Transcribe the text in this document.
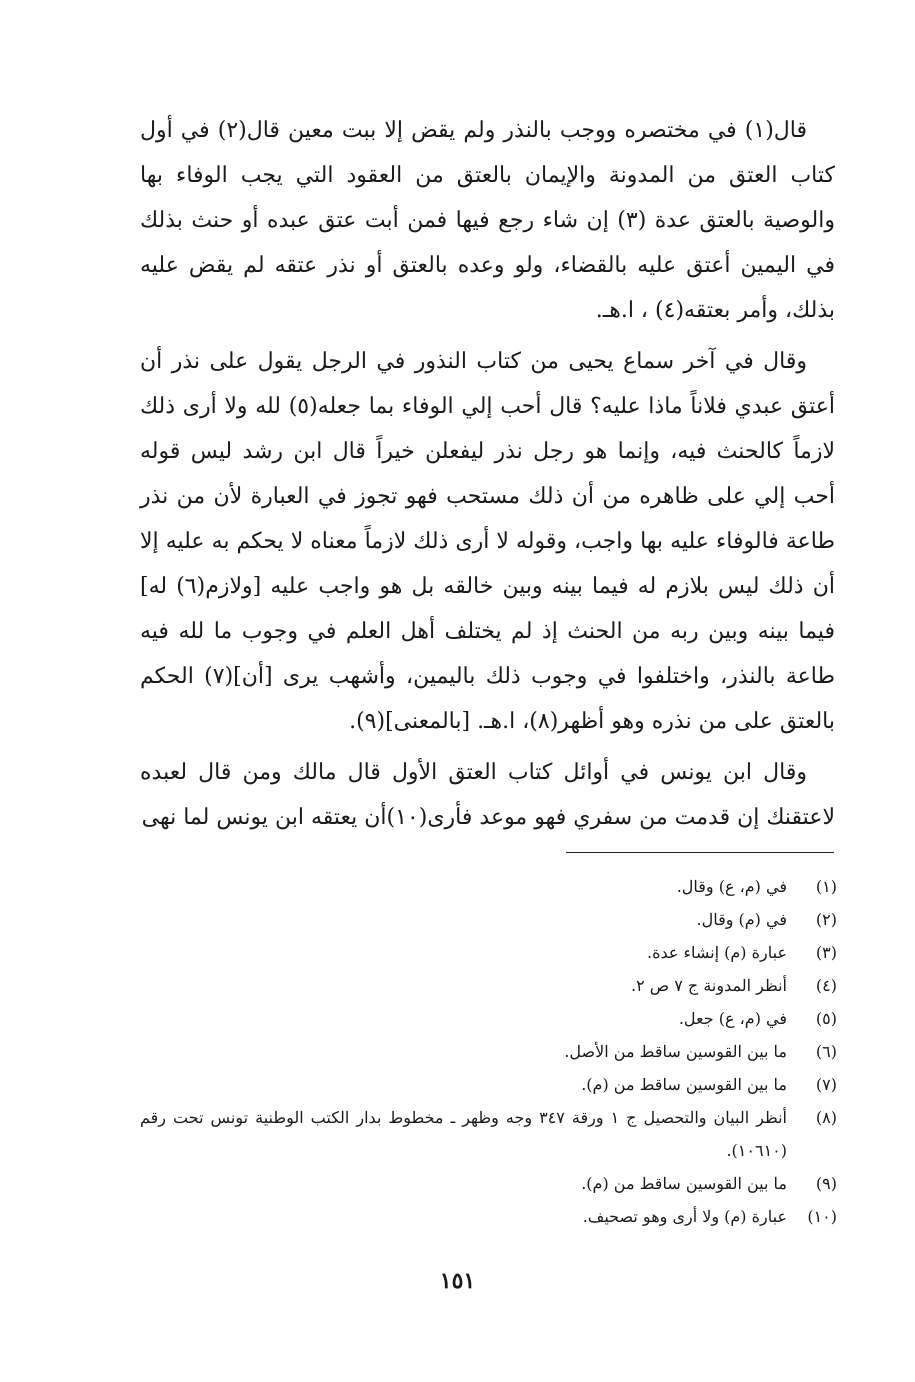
قال(١) في مختصره ووجب بالنذر ولم يقض إلا ببت معين قال(٢) في أول كتاب العتق من المدونة والإيمان بالعتق من العقود التي يجب الوفاء بها والوصية بالعتق عدة (٣) إن شاء رجع فيها فمن أبت عتق عبده أو حنث بذلك في اليمين أعتق عليه بالقضاء، ولو وعده بالعتق أو نذر عتقه لم يقض عليه بذلك، وأمر بعتقه(٤) ، ا.هـ.

وقال في آخر سماع يحيى من كتاب النذور في الرجل يقول على نذر أن أعتق عبدي فلاناً ماذا عليه؟ قال أحب إلي الوفاء بما جعله(٥) لله ولا أرى ذلك لازماً كالحنث فيه، وإنما هو رجل نذر ليفعلن خيراً قال ابن رشد ليس قوله أحب إلي على ظاهره من أن ذلك مستحب فهو تجوز في العبارة لأن من نذر طاعة فالوفاء عليه بها واجب، وقوله لا أرى ذلك لازماً معناه لا يحكم به عليه إلا أن ذلك ليس بلازم له فيما بينه وبين خالقه بل هو واجب عليه [ولازم(٦) له] فيما بينه وبين ربه من الحنث إذ لم يختلف أهل العلم في وجوب ما لله فيه طاعة بالنذر، واختلفوا في وجوب ذلك باليمين، وأشهب يرى [أن](٧) الحكم بالعتق على من نذره وهو أظهر(٨)، ا.هـ. [بالمعنى](٩).

وقال ابن يونس في أوائل كتاب العتق الأول قال مالك ومن قال لعبده لاعتقنك إن قدمت من سفري فهو موعد فأرى(١٠)أن يعتقه ابن يونس لما نهى

(١)
في (م، ع) وقال.
(٢)
في (م) وقال.
(٣)
عبارة (م) إنشاء عدة.
(٤)
أنظر المدونة ج ٧ ص ٢.
(٥)
في (م، ع) جعل.
(٦)
ما بين القوسين ساقط من الأصل.
(٧)
ما بين القوسين ساقط من (م).
(٨)
أنظر البيان والتحصيل ج ١ ورقة ٣٤٧ وجه وظهر ـ مخطوط بدار الكتب الوطنية تونس تحت رقم (١٠٦١٠).
(٩)
ما بين القوسين ساقط من (م).
(١٠)
عبارة (م) ولا أرى وهو تصحيف.
١٥١
